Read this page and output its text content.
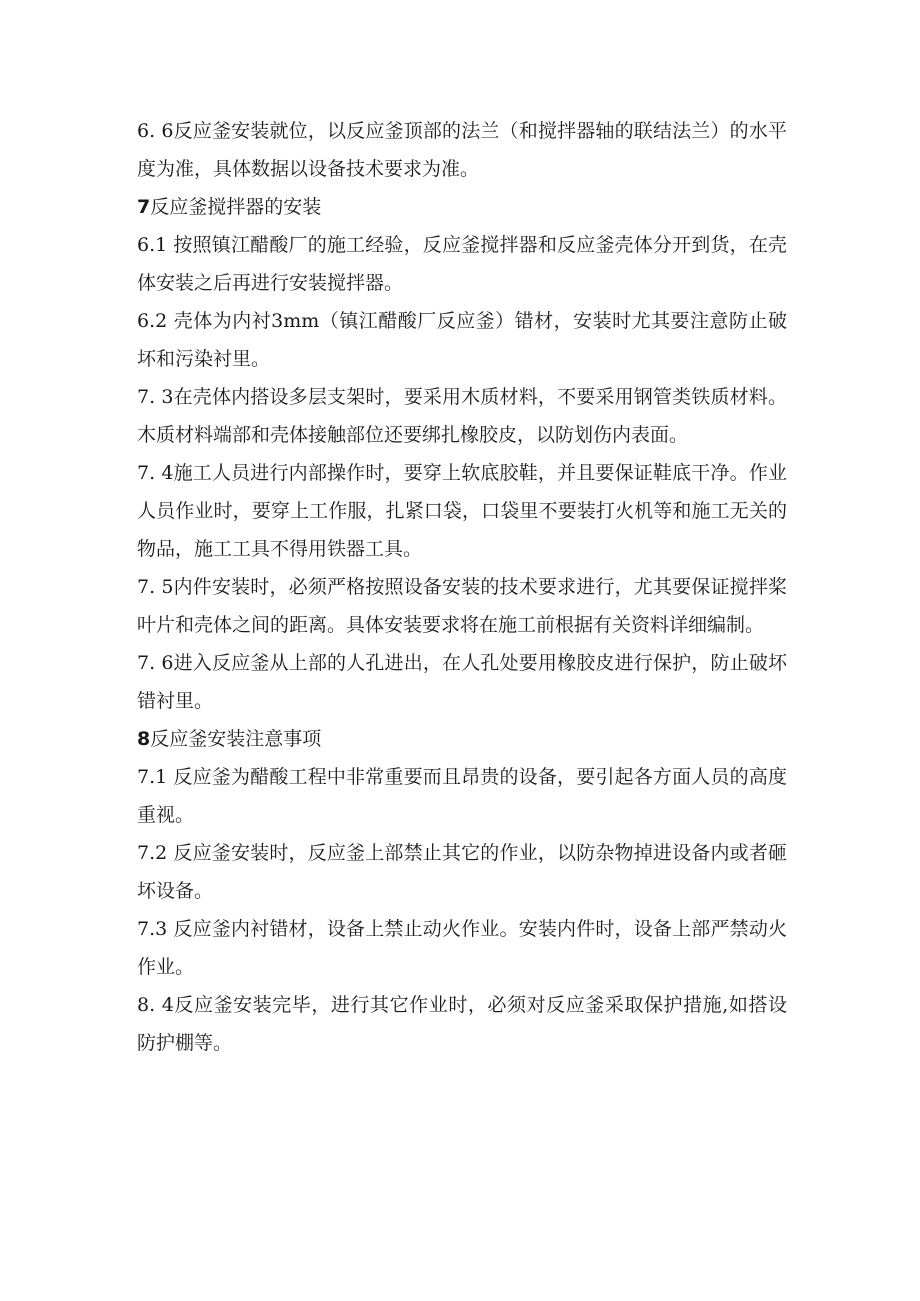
6. 6反应釜安装就位，以反应釜顶部的法兰（和搅拌器轴的联结法兰）的水平度为准，具体数据以设备技术要求为准。

7反应釜搅拌器的安装

6.1 按照镇江醋酸厂的施工经验，反应釜搅拌器和反应釜壳体分开到货，在壳体安装之后再进行安装搅拌器。

6.2 壳体为内衬3mm（镇江醋酸厂反应釜）错材，安装时尤其要注意防止破坏和污染衬里。

7. 3在壳体内搭设多层支架时，要采用木质材料，不要采用钢管类铁质材料。木质材料端部和壳体接触部位还要绑扎橡胶皮，以防划伤内表面。

7. 4施工人员进行内部操作时，要穿上软底胶鞋，并且要保证鞋底干净。作业人员作业时，要穿上工作服，扎紧口袋，口袋里不要装打火机等和施工无关的物品，施工工具不得用铁器工具。

7. 5内件安装时，必须严格按照设备安装的技术要求进行，尤其要保证搅拌桨叶片和壳体之间的距离。具体安装要求将在施工前根据有关资料详细编制。

7. 6进入反应釜从上部的人孔进出，在人孔处要用橡胶皮进行保护，防止破坏错衬里。

8反应釜安装注意事项

7.1 反应釜为醋酸工程中非常重要而且昂贵的设备，要引起各方面人员的高度重视。

7.2 反应釜安装时，反应釜上部禁止其它的作业，以防杂物掉进设备内或者砸坏设备。

7.3 反应釜内衬错材，设备上禁止动火作业。安装内件时，设备上部严禁动火作业。

8. 4反应釜安装完毕，进行其它作业时，必须对反应釜采取保护措施,如搭设防护棚等。
